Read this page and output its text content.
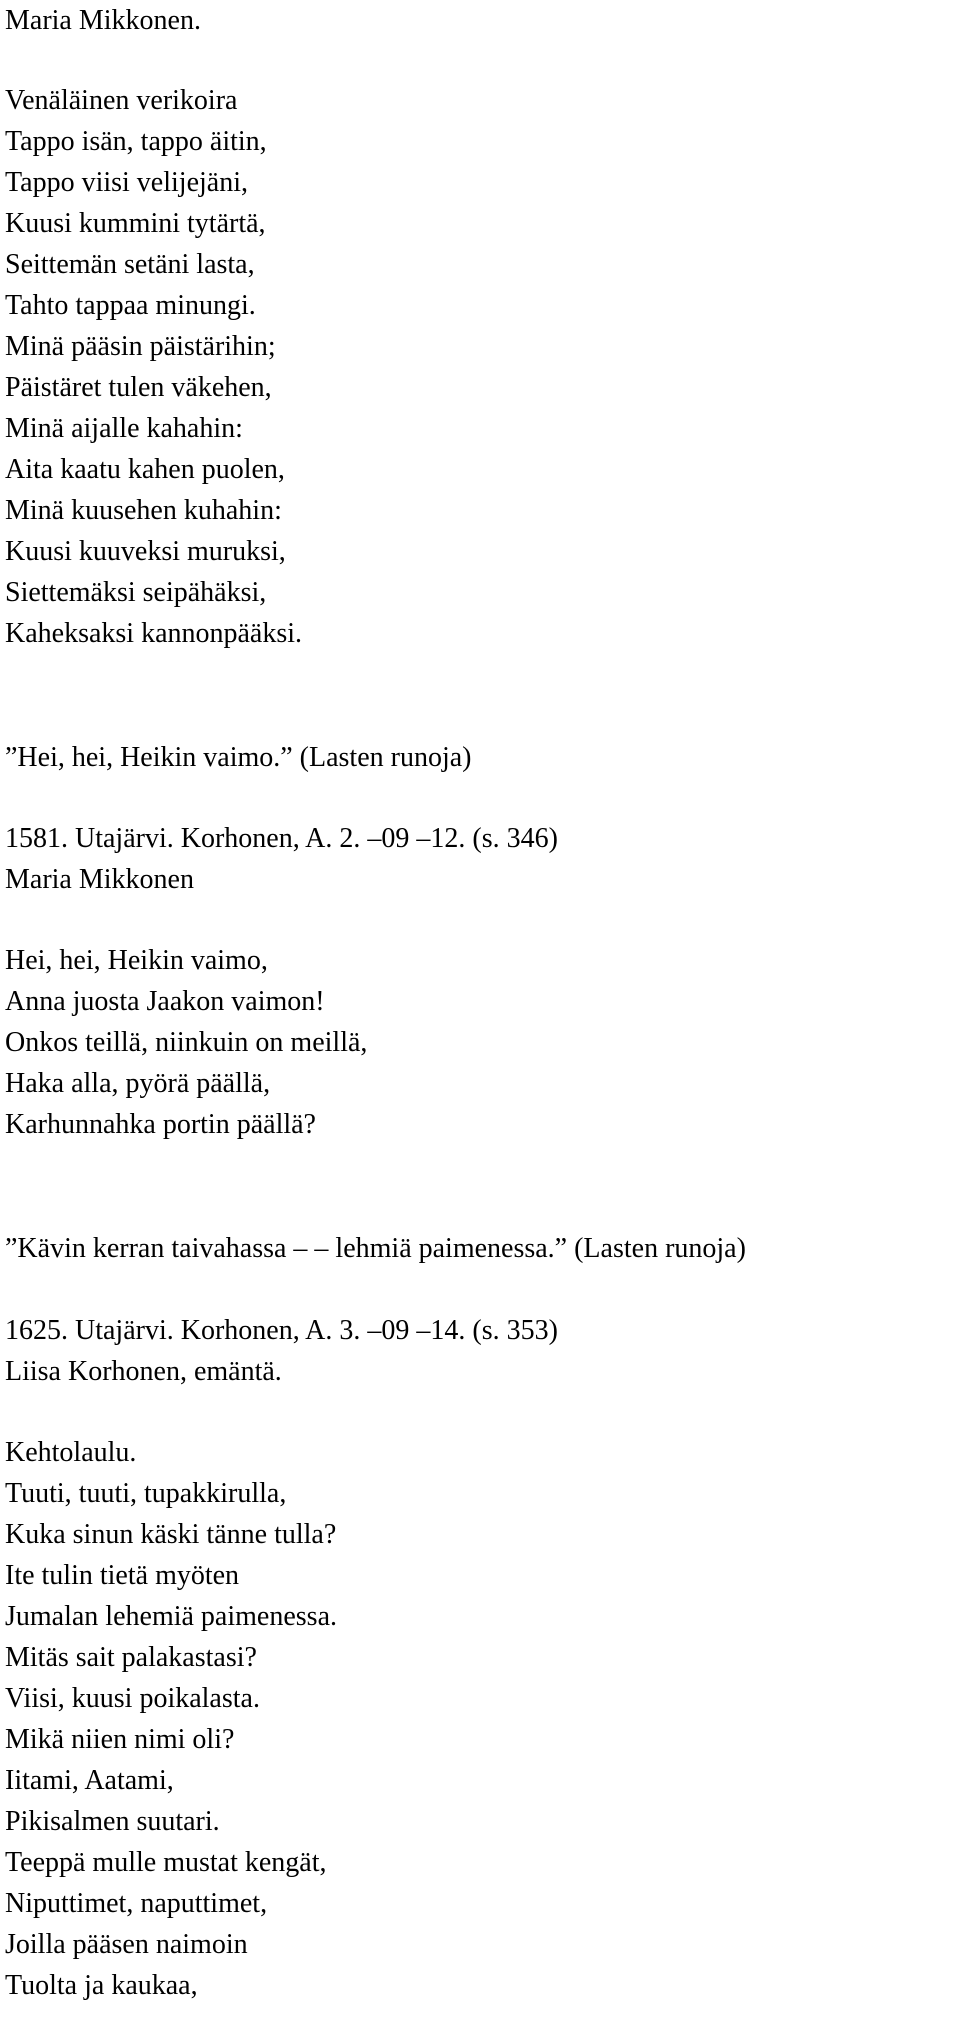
Maria Mikkonen.
Venäläinen verikoira
Tappo isän, tappo äitin,
Tappo viisi velijejäni,
Kuusi kummini tytärtä,
Seittemän setäni lasta,
Tahto tappaa minungi.
Minä pääsin päistärihin;
Päistäret tulen väkehen,
Minä aijalle kahahin:
Aita kaatu kahen puolen,
Minä kuusehen kuhahin:
Kuusi kuuveksi muruksi,
Siettemäksi seipähäksi,
Kaheksaksi kannonpääksi.
”Hei, hei, Heikin vaimo.” (Lasten runoja)
1581. Utajärvi. Korhonen, A. 2. –09 –12. (s. 346)
Maria Mikkonen
Hei, hei, Heikin vaimo,
Anna juosta Jaakon vaimon!
Onkos teillä, niinkuin on meillä,
Haka alla, pyörä päällä,
Karhunnahka portin päällä?
”Kävin kerran taivahassa – – lehmiä paimenessa.” (Lasten runoja)
1625. Utajärvi. Korhonen, A. 3. –09 –14. (s. 353)
Liisa Korhonen, emäntä.
Kehtolaulu.
Tuuti, tuuti, tupakkirulla,
Kuka sinun käski tänne tulla?
Ite tulin tietä myöten
Jumalan lehemiä paimenessa.
Mitäs sait palakastasi?
Viisi, kuusi poikalasta.
Mikä niien nimi oli?
Iitami, Aatami,
Pikisalmen suutari.
Teeppä mulle mustat kengät,
Niputtimet, naputtimet,
Joilla pääsen naimoin
Tuolta ja kaukaa,
